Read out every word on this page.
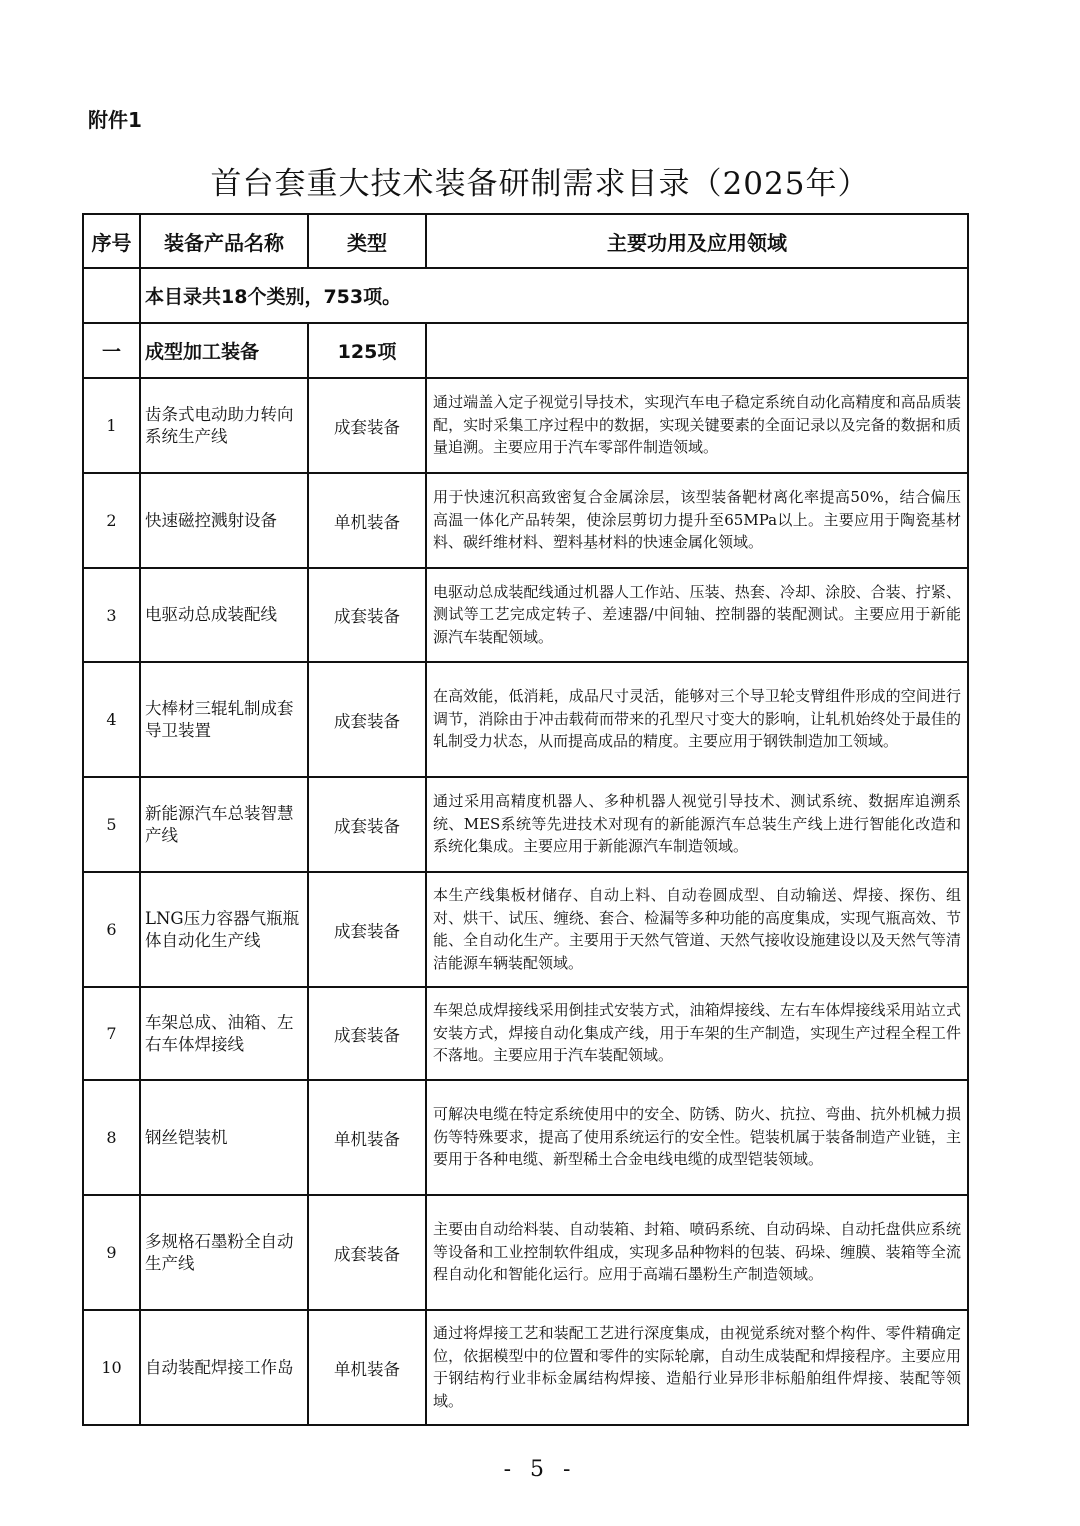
附件1
首台套重大技术装备研制需求目录（2025年）
序号	装备产品名称	类型	主要功用及应用领域
	本目录共18个类别，753项。		
一	成型加工装备	125项	
1	齿条式电动助力转向系统生产线	成套装备	通过端盖入定子视觉引导技术，实现汽车电子稳定系统自动化高精度和高品质装配，实时采集工序过程中的数据，实现关键要素的全面记录以及完备的数据和质量追溯。主要应用于汽车零部件制造领域。
2	快速磁控溅射设备	单机装备	用于快速沉积高致密复合金属涂层，该型装备靶材离化率提高50%，结合偏压高温一体化产品转架，使涂层剪切力提升至65MPa以上。主要应用于陶瓷基材料、碳纤维材料、塑料基材料的快速金属化领域。
3	电驱动总成装配线	成套装备	电驱动总成装配线通过机器人工作站、压装、热套、冷却、涂胶、合装、拧紧、测试等工艺完成定转子、差速器/中间轴、控制器的装配测试。主要应用于新能源汽车装配领域。
4	大棒材三辊轧制成套导卫装置	成套装备	在高效能，低消耗，成品尺寸灵活，能够对三个导卫轮支臂组件形成的空间进行调节，消除由于冲击载荷而带来的孔型尺寸变大的影响，让轧机始终处于最佳的轧制受力状态，从而提高成品的精度。主要应用于钢铁制造加工领域。
5	新能源汽车总装智慧产线	成套装备	通过采用高精度机器人、多种机器人视觉引导技术、测试系统、数据库追溯系统、MES系统等先进技术对现有的新能源汽车总装生产线上进行智能化改造和系统化集成。主要应用于新能源汽车制造领域。
6	LNG压力容器气瓶瓶体自动化生产线	成套装备	本生产线集板材储存、自动上料、自动卷圆成型、自动输送、焊接、探伤、组对、烘干、试压、缠绕、套合、检漏等多种功能的高度集成，实现气瓶高效、节能、全自动化生产。主要用于天然气管道、天然气接收设施建设以及天然气等清洁能源车辆装配领域。
7	车架总成、油箱、左右车体焊接线	成套装备	车架总成焊接线采用倒挂式安装方式，油箱焊接线、左右车体焊接线采用站立式安装方式，焊接自动化集成产线，用于车架的生产制造，实现生产过程全程工件不落地。主要应用于汽车装配领域。
8	钢丝铠装机	单机装备	可解决电缆在特定系统使用中的安全、防锈、防火、抗拉、弯曲、抗外机械力损伤等特殊要求，提高了使用系统运行的安全性。铠装机属于装备制造产业链，主要用于各种电缆、新型稀土合金电线电缆的成型铠装领域。
9	多规格石墨粉全自动生产线	成套装备	主要由自动给料装、自动装箱、封箱、喷码系统、自动码垛、自动托盘供应系统等设备和工业控制软件组成，实现多品种物料的包装、码垛、缠膜、装箱等全流程自动化和智能化运行。应用于高端石墨粉生产制造领域。
10	自动装配焊接工作岛	单机装备	通过将焊接工艺和装配工艺进行深度集成，由视觉系统对整个构件、零件精确定位，依据模型中的位置和零件的实际轮廓，自动生成装配和焊接程序。主要应用于钢结构行业非标金属结构焊接、造船行业异形非标船舶组件焊接、装配等领域。
- 5 -
